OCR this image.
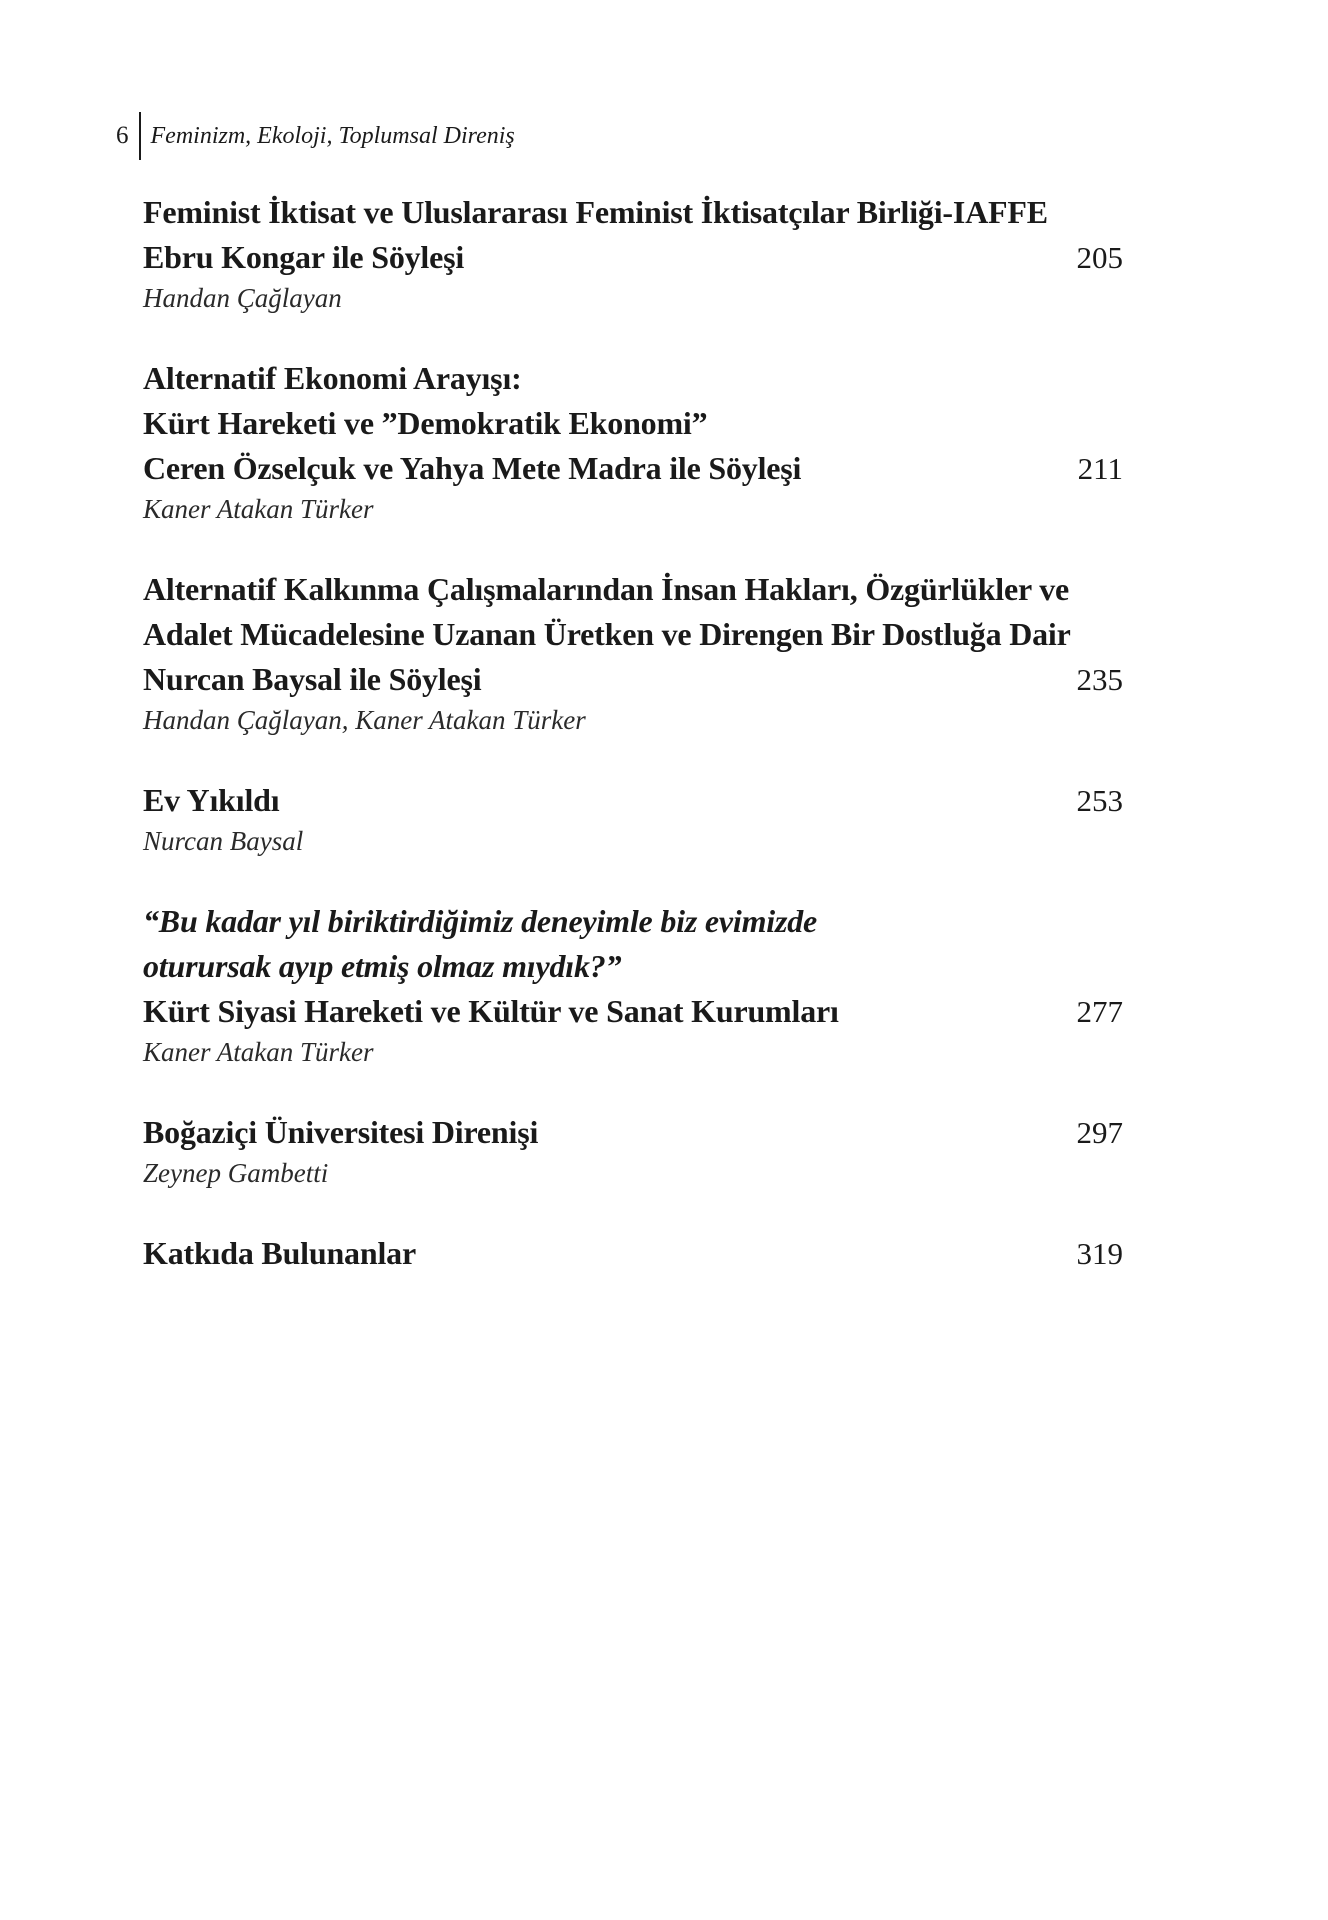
6 Feminizm, Ekoloji, Toplumsal Direniş
Feminist İktisat ve Uluslararası Feminist İktisatçılar Birliği-IAFFE
Ebru Kongar ile Söyleşi	205
Handan Çağlayan
Alternatif Ekonomi Arayışı:
Kürt Hareketi ve ”Demokratik Ekonomi”
Ceren Özselçuk ve Yahya Mete Madra ile Söyleşi	211
Kaner Atakan Türker
Alternatif Kalkınma Çalışmalarından İnsan Hakları, Özgürlükler ve
Adalet Mücadelesine Uzanan Üretken ve Direngen Bir Dostluğa Dair
Nurcan Baysal ile Söyleşi	235
Handan Çağlayan, Kaner Atakan Türker
Ev Yıkıldı	253
Nurcan Baysal
“Bu kadar yıl biriktirdiğimiz deneyimle biz evimizde
oturursak ayıp etmiş olmaz mıydık?”
Kürt Siyasi Hareketi ve Kültür ve Sanat Kurumları	277
Kaner Atakan Türker
Boğaziçi Üniversitesi Direnişi	297
Zeynep Gambetti
Katkıda Bulunanlar	319
